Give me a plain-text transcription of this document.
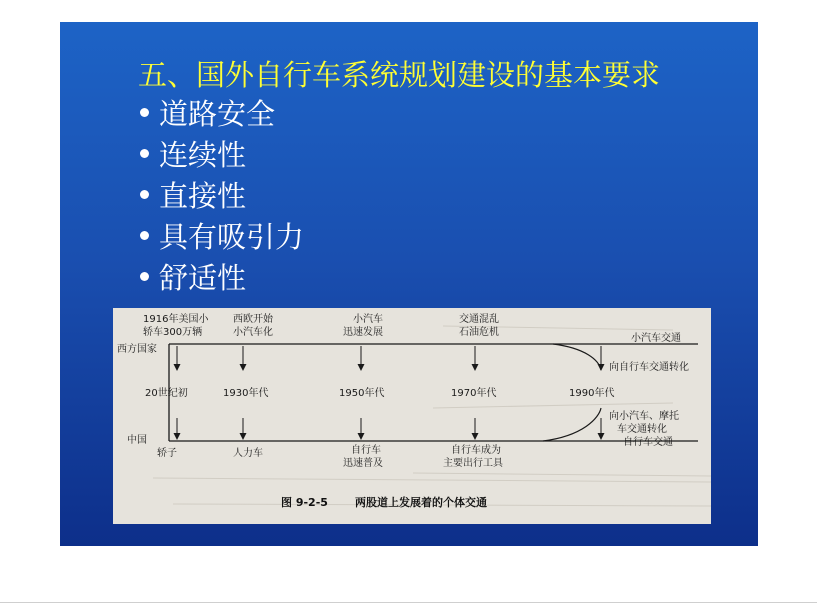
五、国外自行车系统规划建设的基本要求
道路安全
连续性
直接性
具有吸引力
舒适性
西方国家
中国
20世纪初	1930年代	1950年代	1970年代	1990年代
1916年美国小
轿车300万辆
西欧开始
小汽车化
小汽车
迅速发展
交通混乱
石油危机
小汽车交通
向自行车交通转化
轿子	人力车	自行车
迅速普及
自行车成为
主要出行工具
向小汽车、摩托
车交通转化
自行车交通
图 9-2-5 两股道上发展着的个体交通
